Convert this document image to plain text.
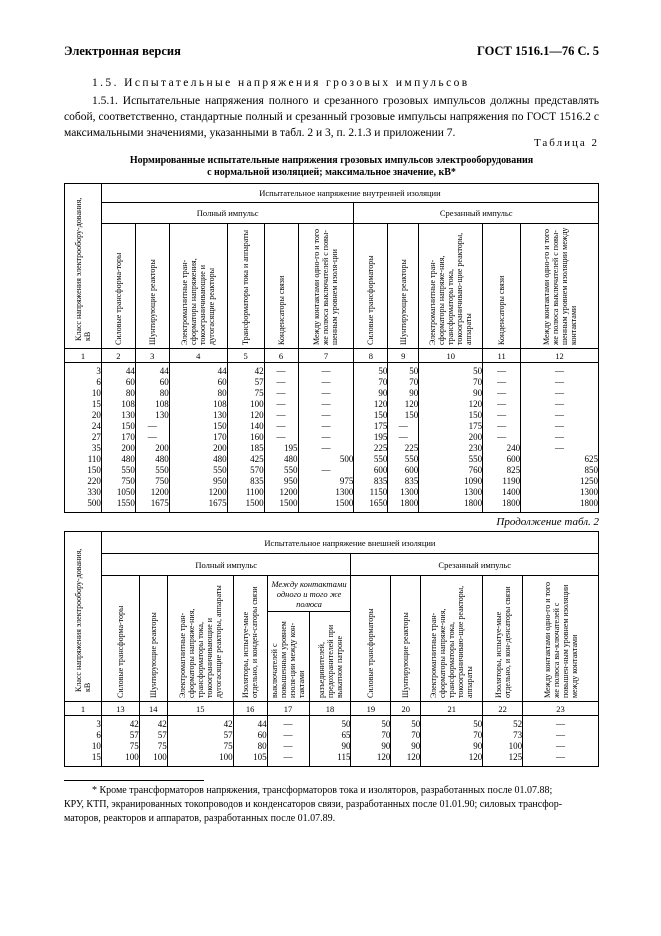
Электронная версия	ГОСТ 1516.1—76 С. 5
1.5. Испытательные напряжения грозовых импульсов
1.5.1. Испытательные напряжения полного и срезанного грозовых импульсов должны представлять собой, соответственно, стандартные полный и срезанный грозовые импульсы напряжения по ГОСТ 1516.2 с максимальными значениями, указанными в табл. 2 и 3, п. 2.1.3 и приложении 7.
Таблица 2
Нормированные испытательные напряжения грозовых импульсов электрооборудования
с нормальной изоляцией; максимальное значение, кВ*
Класс напряжения электрообору-дования, кВ	Испытательное напряжение внутренней изоляции										
	Полный импульс						Срезанный импульс				

	Силовые трансформа-торы	Шунтирующие реакторы	Электромагнитные тран-сформаторы напряжения, токоограничивающие и дугогасящие реакторы	Трансформаторы тока и аппараты	Конденсаторы связи	Между контактами одно-го и того же полюса выключателей с повы-шенным уровнем изоля-ции	Силовые трансформаторы	Шунтирующие реакторы	Электромагнитные тран-сформаторы напряже-ния, трансформаторы тока, токоограничиваю-щие реакторы, аппараты	Конденсаторы связи	Между контактами одно-го и того же полюса выключателей с повы-шенным уровнем изоляции между контактами

1	2	3	4	5	6	7	8	9	10	11	12
3	44	44	44	42	—	—	50	50	50	—	—
6	60	60	60	57	—	—	70	70	70	—	—
10	80	80	80	75	—	—	90	90	90	—	—
15	108	108	108	100	—	—	120	120	120	—	—
20	130	130	130	120	—	—	150	150	150	—	—
24	150	—	150	140	—	—	175	—	175	—	—
27	170	—	170	160	—	—	195	—	200	—	—
35	200	200	200	185	195	—	225	225	230	240	—
110	480	480	480	425	480	500	550	550	550	600	625
150	550	550	550	570	550	—	600	600	760	825	850
220	750	750	950	835	950	975	835	835	1090	1190	1250
330	1050	1200	1200	1100	1200	1300	1150	1300	1300	1400	1300
500	1550	1675	1675	1500	1500	1500	1650	1800	1800	1800	1800
Продолжение табл. 2
Класс напряжения электрообору-дования, кВ	Испытательное напряжение внешней изоляции										
	Полный импульс						Срезанный импульс				

	Силовые трансформа-торы	Шунтирующие реакторы	Электромагнитные тран-сформаторы напряже-ния, трансформаторы тока, токоограничивающие и дугогасящие реакторы, аппараты	Изоляторы, испытуе-мые отдельно, и конден-саторы связи	Между контактами одного и того же полюса		Силовые трансформаторы	Шунтирующие реакторы	Электромагнитные тран-сформаторы напряже-ния, трансформаторы тока, токоограничиваю-щие реакторы, аппараты	Изоляторы, испытуе-мые отдельно, и кон-денсаторы связи	Между контактами одно-го и того же полюса вы-ключателей с повышен-ным уровнем изоляции между контактами

					выключателей с повышенным уровнем изоля-ции между кон-тактами	разъединителей, предохранителей при выкатном патроне					

1	13	14	15	16	17	18	19	20	21	22	23
3	42	42	42	44	—	50	50	50	50	52	—
6	57	57	57	60	—	65	70	70	70	73	—
10	75	75	75	80	—	90	90	90	90	100	—
15	100	100	100	105	—	115	120	120	120	125	—
* Кроме трансформаторов напряжения, трансформаторов тока и изоляторов, разработанных после 01.07.88;
КРУ, КТП, экранированных токопроводов и конденсаторов связи, разработанных после 01.01.90; силовых трансфор-
маторов, реакторов и аппаратов, разработанных после 01.07.89.
